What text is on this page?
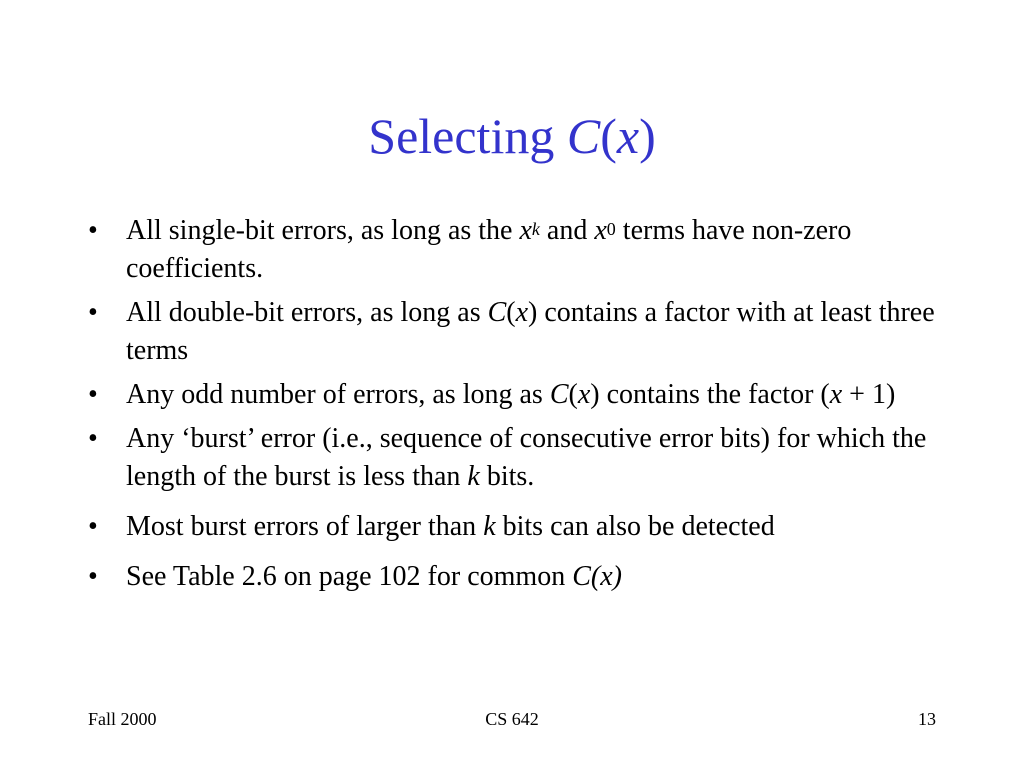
Selecting C(x)
•	All single-bit errors, as long as the $x^k$ and $x^0$ terms have non-zero coefficients.
•	All double-bit errors, as long as C(x) contains a factor with at least three terms
•	Any odd number of errors, as long as C(x) contains the factor (x + 1)
•	Any ‘burst’ error (i.e., sequence of consecutive error bits) for which the length of the burst is less than k bits.
•	Most burst errors of larger than k bits can also be detected
•	See Table 2.6 on page 102 for common C(x)

Fall 2000	CS 642	13
